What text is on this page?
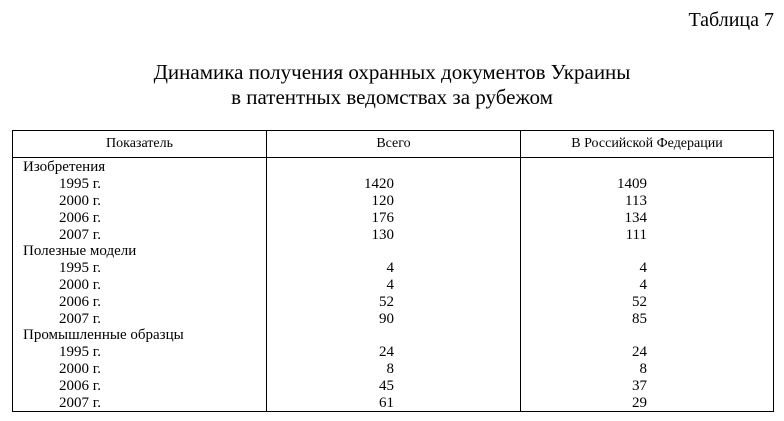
Таблица 7
Динамика получения охранных документов Украины
в патентных ведомствах за рубежом
Показатель	Всего	В Российской Федерации
Изобретения		
1995 г.	1420	1409
2000 г.	120	113
2006 г.	176	134
2007 г.	130	111
Полезные модели		
1995 г.	4	4
2000 г.	4	4
2006 г.	52	52
2007 г.	90	85
Промышленные образцы		
1995 г.	24	24
2000 г.	8	8
2006 г.	45	37
2007 г.	61	29
